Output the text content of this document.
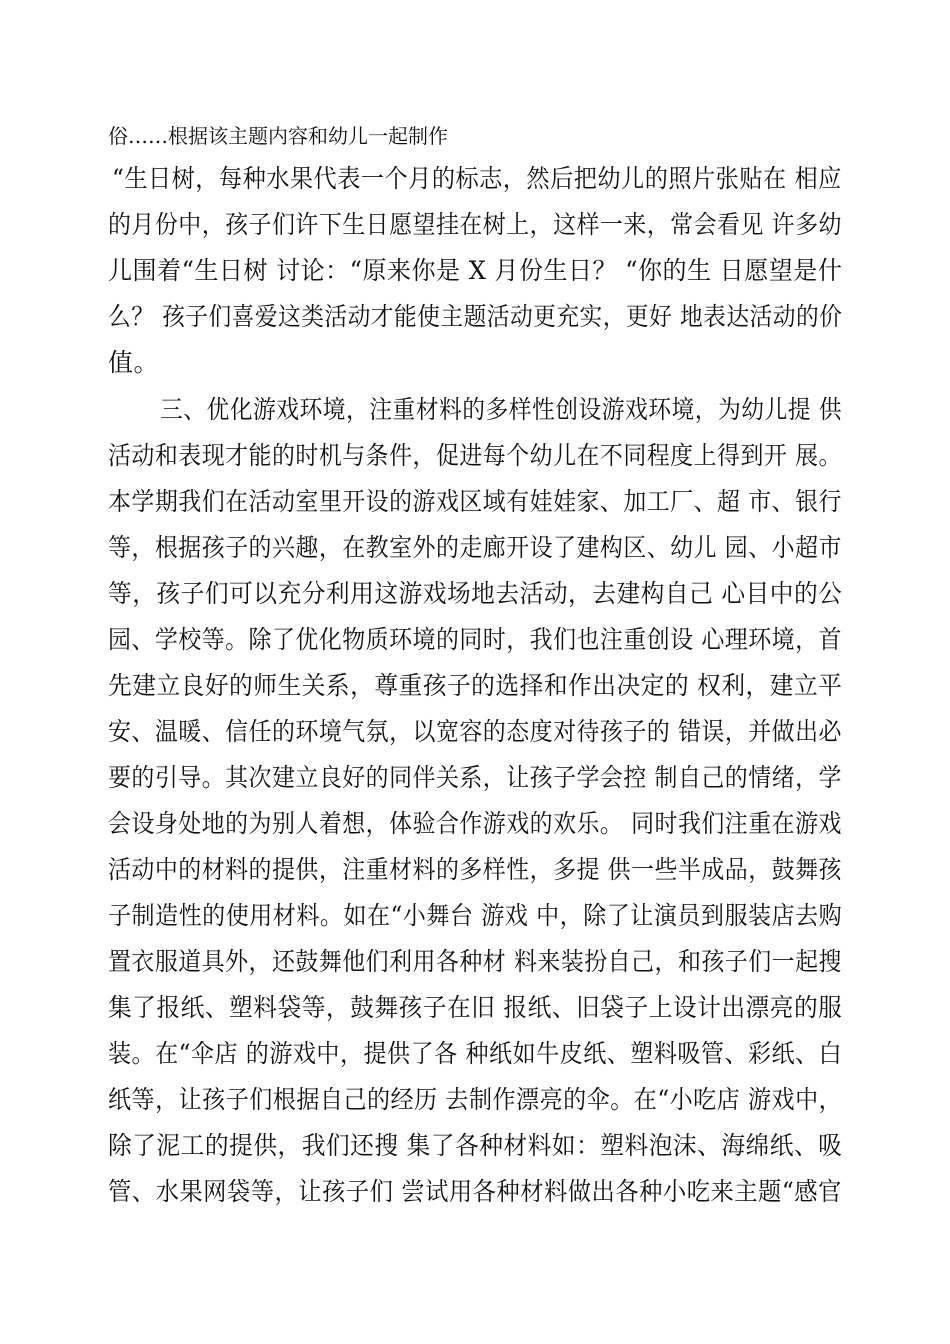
俗……根据该主题内容和幼儿一起制作
“生日树，每种水果代表一个月的标志，然后把幼儿的照片张贴在 相应
的月份中，孩子们许下生日愿望挂在树上，这样一来，常会看见 许多幼
儿围着“生日树 讨论：“原来你是 X 月份生日？ “你的生 日愿望是什
么？ 孩子们喜爱这类活动才能使主题活动更充实，更好 地表达活动的价
值。
三、优化游戏环境，注重材料的多样性创设游戏环境，为幼儿提 供
活动和表现才能的时机与条件，促进每个幼儿在不同程度上得到开 展。
本学期我们在活动室里开设的游戏区域有娃娃家、加工厂、超 市、银行
等，根据孩子的兴趣，在教室外的走廊开设了建构区、幼儿 园、小超市
等，孩子们可以充分利用这游戏场地去活动，去建构自己 心目中的公
园、学校等。除了优化物质环境的同时，我们也注重创设 心理环境，首
先建立良好的师生关系，尊重孩子的选择和作出决定的 权利，建立平
安、温暖、信任的环境气氛，以宽容的态度对待孩子的 错误，并做出必
要的引导。其次建立良好的同伴关系，让孩子学会控 制自己的情绪，学
会设身处地的为别人着想，体验合作游戏的欢乐。 同时我们注重在游戏
活动中的材料的提供，注重材料的多样性，多提 供一些半成品，鼓舞孩
子制造性的使用材料。如在“小舞台 游戏 中，除了让演员到服装店去购
置衣服道具外，还鼓舞他们利用各种材 料来装扮自己，和孩子们一起搜
集了报纸、塑料袋等，鼓舞孩子在旧 报纸、旧袋子上设计出漂亮的服
装。在“伞店 的游戏中，提供了各 种纸如牛皮纸、塑料吸管、彩纸、白
纸等，让孩子们根据自己的经历 去制作漂亮的伞。在“小吃店 游戏中，
除了泥工的提供，我们还搜 集了各种材料如：塑料泡沫、海绵纸、吸
管、水果网袋等，让孩子们 尝试用各种材料做出各种小吃来主题“感官
